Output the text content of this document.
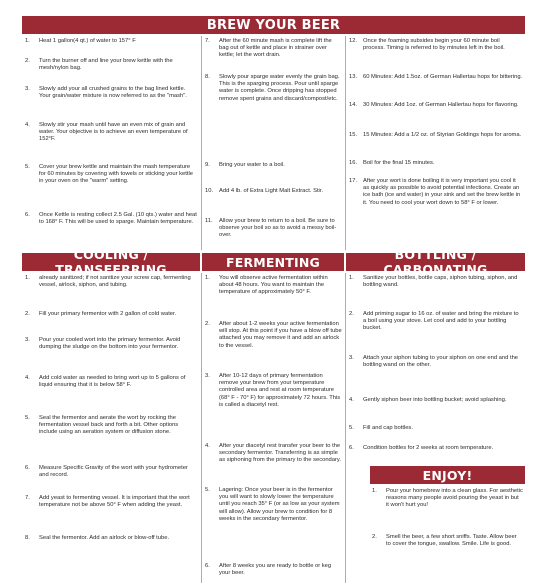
BREW YOUR BEER
COOLING / TRANSFERRING	FERMENTING	BOTTLING / CARBONATING
ENJOY!
1.	Heat 1 gallon(4 qt.) of water to 157° F
2.	Turn the burner off and line your brew kettle with the mesh/nylon bag.
3.	Slowly add your all crushed grains to the bag lined kettle. Your grain/water mixture is now referred to as the "mash".
4.	Slowly stir your mash until have an even mix of grain and water. Your objective is to achieve an even temperature of 152°F.
5.	Cover your brew kettle and maintain the mash temperature for 60 minutes by covering with towels or sticking your kettle in your oven on the "warm" setting.
6.	Once Kettle is resting collect 2.5 Gal. (10 qts.) water and heat to 168° F. This will be used to sparge. Maintain temperature.
7.	After the 60 minute mash is complete lift the bag out of kettle and place in strainer over kettle; let the wort drain.
8.	Slowly pour sparge water evenly the grain bag. This is the sparging process. Pour until sparge water is complete. Once dripping has stopped remove spent grains and discard/compost/etc.
9.	Bring your water to a boil.
10.	Add 4 lb. of Extra Light Malt Extract. Stir.
11.	Allow your brew to return to a boil. Be sure to observe your boil so as to avoid a messy boil-over.
12.	Once the foaming subsides begin your 60 minute boil process. Timing is referred to by minutes left in the boil.
13.	60 Minutes: Add 1.5oz. of German Hallertau hops for bittering.
14.	30 Minutes: Add 1oz. of German Hallertau hops for flavoring.
15.	15 Minutes: Add a 1/2 oz. of Styrian Goldings hops for aroma.
16.	Boil for the final 15 minutes.
17.	After your wort is done boiling it is very important you cool it as quickly as possible to avoid potential infections. Create an ice bath (ice and water) in your sink and set the brew kettle in it. You need to cool your wort down to 58° F or lower.
1.	already sanitized; if not sanitize your screw cap, fermenting vessel, airlock, siphon, and tubing.
2.	Fill your primary fermentor with 2 gallon of cold water.
3.	Pour your cooled wort into the primary fermentor. Avoid dumping the sludge on the bottom into your fermentor.
4.	Add cold water as needed to bring wort up to 5 gallons of liquid ensuring that it is below 58° F.
5.	Seal the fermentor and aerate the wort by rocking the fermentation vessel back and forth a bit. Other options include using an aeration system or diffusion stone.
6.	Measure Specific Gravity of the wort with your hydrometer and record.
7.	Add yeast to fermenting vessel. It is important that the wort temperature not be above 50° F when adding the yeast.
8.	Seal the fermentor. Add an airlock or blow-off tube.
1.	You will observe active fermentation within about 48 hours. You want to maintain the temperature of approximately 50° F.
2.	After about 1-2 weeks your active fermentation will stop. At this point if you have a blow off tube attached you may remove it and add an airlock to the vessel.
3.	After 10-12 days of primary fermentation remove your brew from your temperature controlled area and rest at room temperature (68° F - 70° F) for approximately 72 hours. This is called a diacetyl rest.
4.	After your diacetyl rest transfer your beer to the secondary fermentor. Transferring is as simple as siphoning from the primary to the secondary.
5.	Lagering: Once your beer is in the fermentor you will want to slowly lower the temperature until you reach 35° F (or as low as your system will allow). Allow your brew to condition for 8 weeks in the secondary fermentor.
6.	After 8 weeks you are ready to bottle or keg your beer.
1.	Sanitize your bottles, bottle caps, siphon tubing, siphon, and bottling wand.
2.	Add priming sugar to 16 oz. of water and bring the mixture to a boil using your stove. Let cool and add to your bottling bucket.
3.	Attach your siphon tubing to your siphon on one end and the bottling wand on the other.
4.	Gently siphon beer into bottling bucket; avoid splashing.
5.	Fill and cap bottles.
6.	Condition bottles for 2 weeks at room temperature.
1.	Pour your homebrew into a clean glass. For aesthetic reasons many people avoid pouring the yeast in but it won't hurt you!
2.	Smell the beer, a few short sniffs. Taste. Allow beer to cover the tongue, swallow. Smile. Life is good.
